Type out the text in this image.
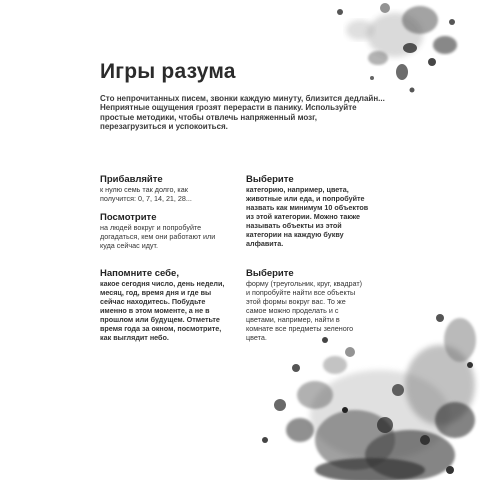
Игры разума
Сто непрочитанных писем, звонки каждую минуту, близится дедлайн... Неприятные ощущения грозят перерасти в панику. Используйте простые методики, чтобы отвлечь напряженный мозг, перезагрузиться и успокоиться.
Прибавляйте
к нулю семь так долго, как получится: 0, 7, 14, 21, 28...
Посмотрите
на людей вокруг и попробуйте догадаться, кем они работают или куда сейчас идут.
Напомните себе,
какое сегодня число, день недели, месяц, год, время дня и где вы сейчас находитесь. Побудьте именно в этом моменте, а не в прошлом или будущем. Отметьте время года за окном, посмотрите, как выглядит небо.
Выберите
категорию, например, цвета, животные или еда, и попробуйте назвать как минимум 10 объектов из этой категории. Можно также называть объекты из этой категории на каждую букву алфавита.
Выберите
форму (треугольник, круг, квадрат) и попробуйте найти все объекты этой формы вокруг вас. То же самое можно проделать и с цветами, например, найти в комнате все предметы зеленого цвета.
